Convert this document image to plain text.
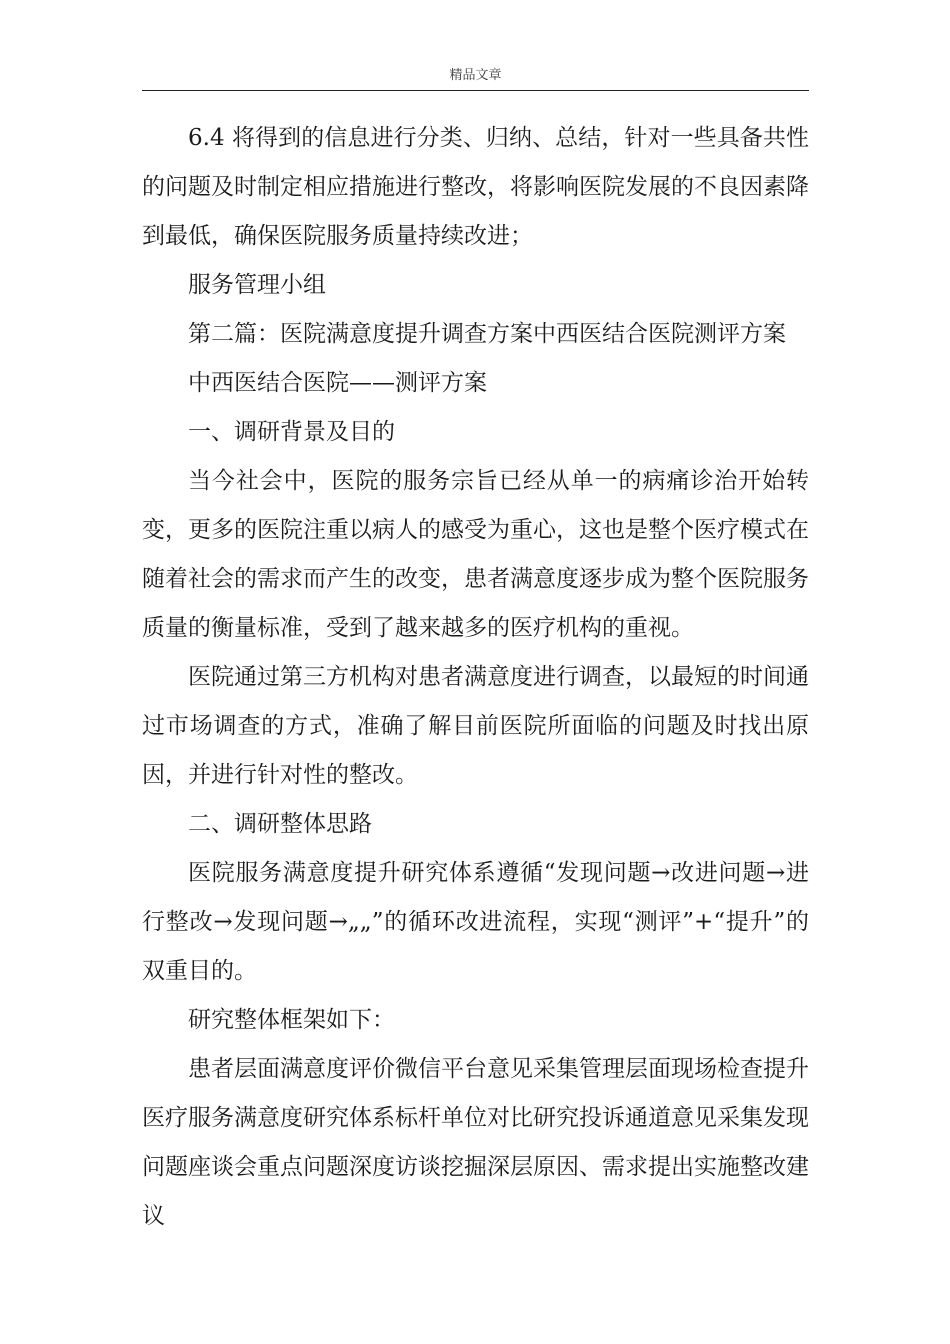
精品文章

6.4 将得到的信息进行分类、归纳、总结，针对一些具备共性的问题及时制定相应措施进行整改，将影响医院发展的不良因素降到最低，确保医院服务质量持续改进；

服务管理小组

第二篇：医院满意度提升调查方案中西医结合医院测评方案

中西医结合医院——测评方案

一、调研背景及目的

当今社会中，医院的服务宗旨已经从单一的病痛诊治开始转变，更多的医院注重以病人的感受为重心，这也是整个医疗模式在随着社会的需求而产生的改变，患者满意度逐步成为整个医院服务质量的衡量标准，受到了越来越多的医疗机构的重视。

医院通过第三方机构对患者满意度进行调查，以最短的时间通过市场调查的方式，准确了解目前医院所面临的问题及时找出原因，并进行针对性的整改。

二、调研整体思路

医院服务满意度提升研究体系遵循“发现问题→改进问题→进行整改→发现问题→„„”的循环改进流程，实现“测评”+“提升”的双重目的。

研究整体框架如下：

患者层面满意度评价微信平台意见采集管理层面现场检查提升医疗服务满意度研究体系标杆单位对比研究投诉通道意见采集发现问题座谈会重点问题深度访谈挖掘深层原因、需求提出实施整改建议
